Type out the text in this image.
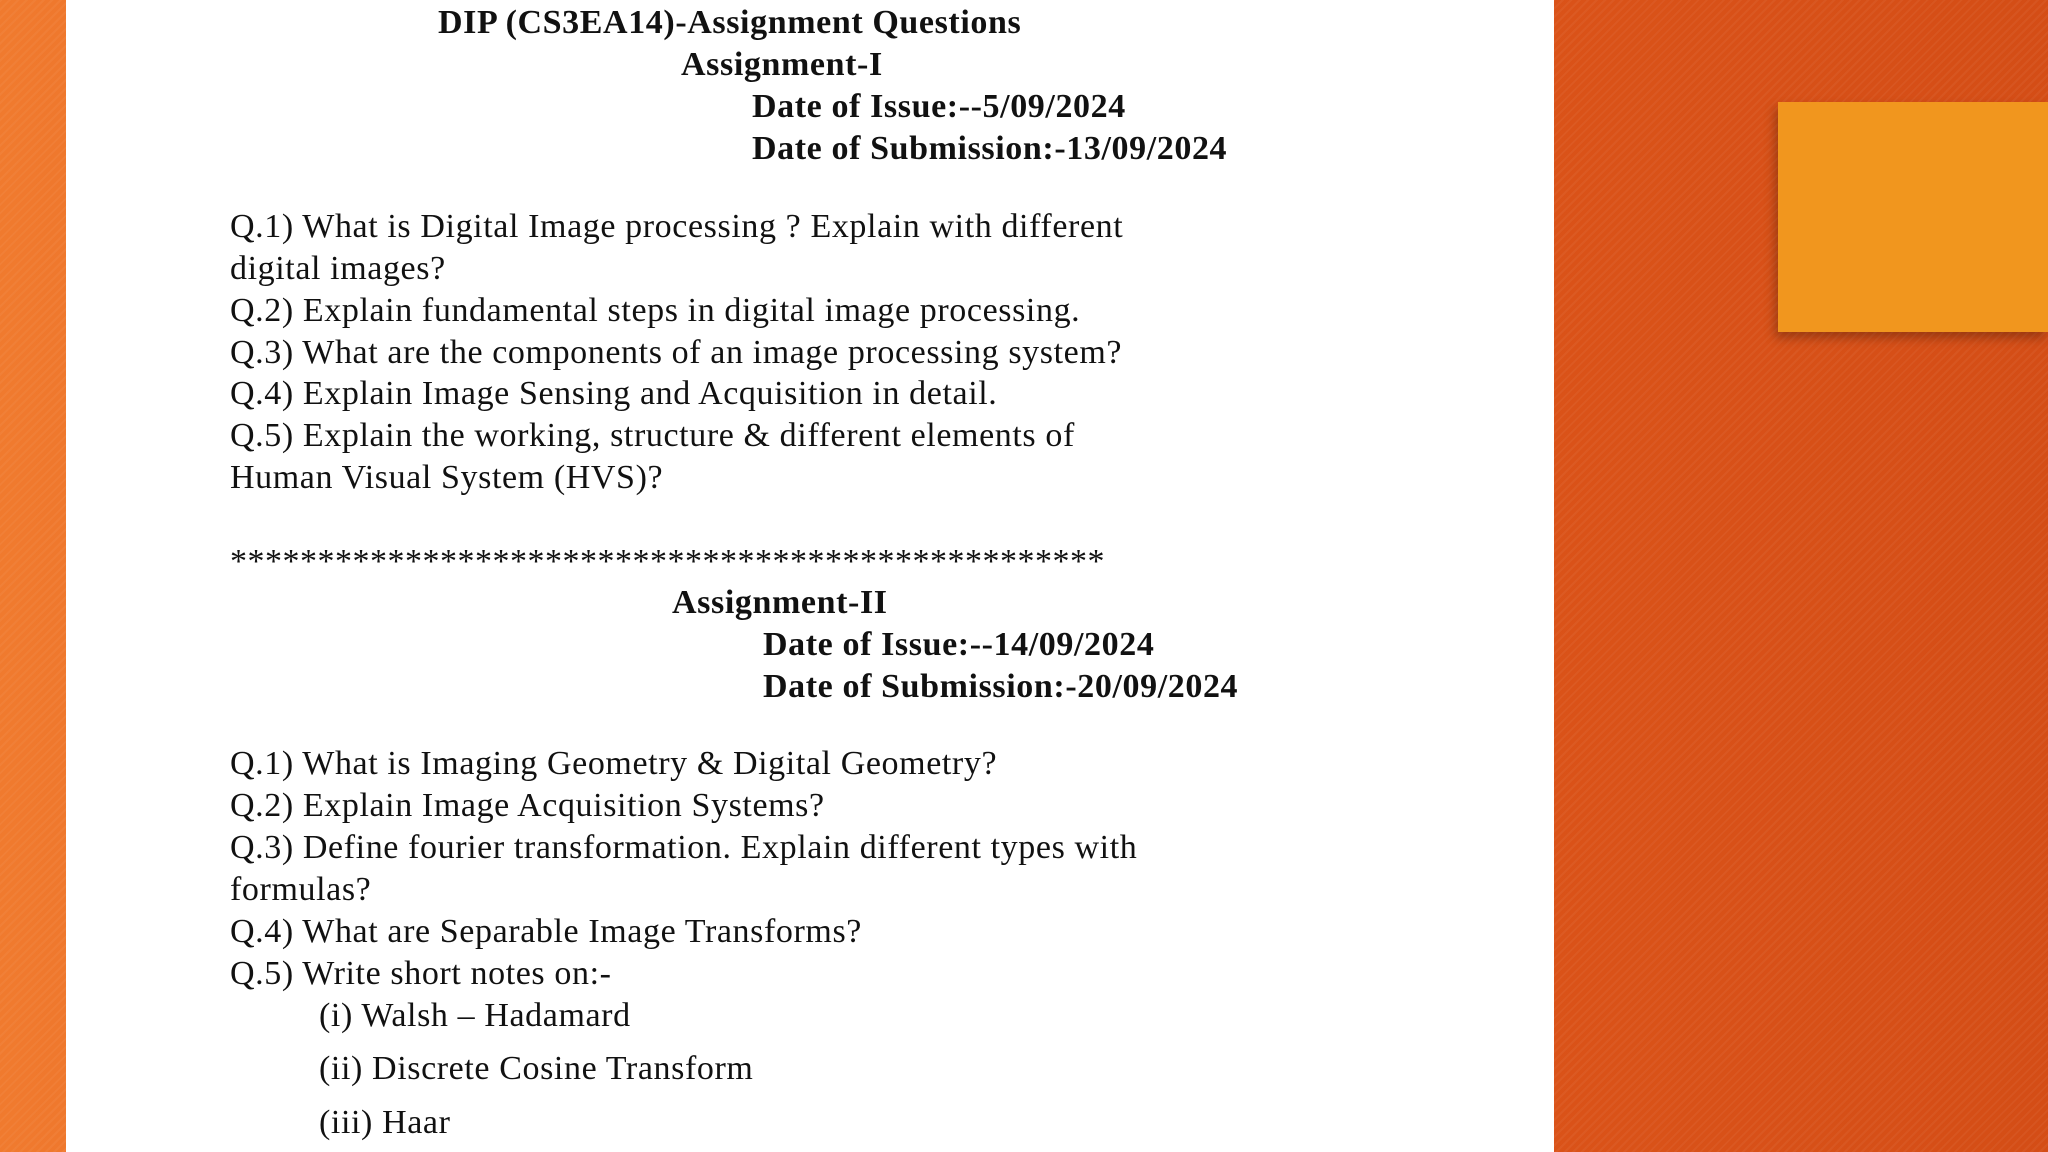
DIP (CS3EA14)-Assignment Questions
Assignment-I
Date of Issue:--5/09/2024
Date of Submission:-13/09/2024
Q.1) What is Digital Image processing ? Explain with different
digital images?
Q.2) Explain fundamental steps in digital image processing.
Q.3) What are the components of an image processing system?
Q.4) Explain Image Sensing and Acquisition in detail.
Q.5) Explain the working, structure & different elements of
Human Visual System (HVS)?
**************************************************
Assignment-II
Date of Issue:--14/09/2024
Date of Submission:-20/09/2024
Q.1) What is Imaging Geometry & Digital Geometry?
Q.2) Explain Image Acquisition Systems?
Q.3) Define fourier transformation. Explain different types with
formulas?
Q.4) What are Separable Image Transforms?
Q.5) Write short notes on:-
(i) Walsh – Hadamard
(ii) Discrete Cosine Transform
(iii) Haar
